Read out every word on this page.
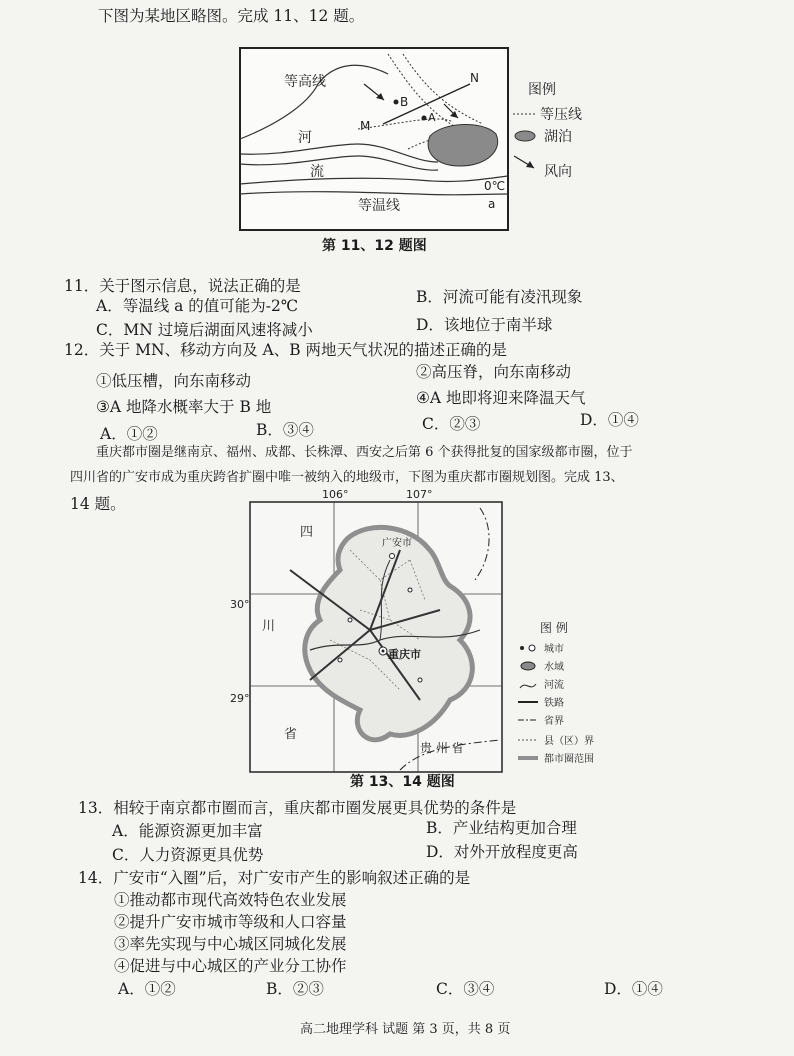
下图为某地区略图。完成 11、12 题。
等高线
B
A
M
N
河
流
0℃
a
等温线
图例
等压线
湖泊
风向
第 11、12 题图
11．关于图示信息，说法正确的是
A．等温线 a 的值可能为-2℃	B．河流可能有凌汛现象
C．MN 过境后湖面风速将减小	D．该地位于南半球
12．关于 MN、移动方向及 A、B 两地天气状况的描述正确的是
①低压槽，向东南移动	②高压脊，向东南移动
③A 地降水概率大于 B 地	④A 地即将迎来降温天气
A．①②	B．③④	C．②③	D．①④
重庆都市圈是继南京、福州、成都、长株潭、西安之后第 6 个获得批复的国家级都市圈，位于
四川省的广安市成为重庆跨省扩圈中唯一被纳入的地级市，下图为重庆都市圈规划图。完成 13、
14 题。
106°	107°
30°
29°
四
川
省
广安市
重庆市
贵 州 省
图 例
城市
水域
河流
铁路
省界
县（区）界
都市圈范围
第 13、14 题图
13．相较于南京都市圈而言，重庆都市圈发展更具优势的条件是
A．能源资源更加丰富	B．产业结构更加合理
C．人力资源更具优势	D．对外开放程度更高
14．广安市“入圈”后，对广安市产生的影响叙述正确的是
①推动都市现代高效特色农业发展
②提升广安市城市等级和人口容量
③率先实现与中心城区同城化发展
④促进与中心城区的产业分工协作
A．①②	B．②③	C．③④	D．①④
高二地理学科 试题 第 3 页，共 8 页
